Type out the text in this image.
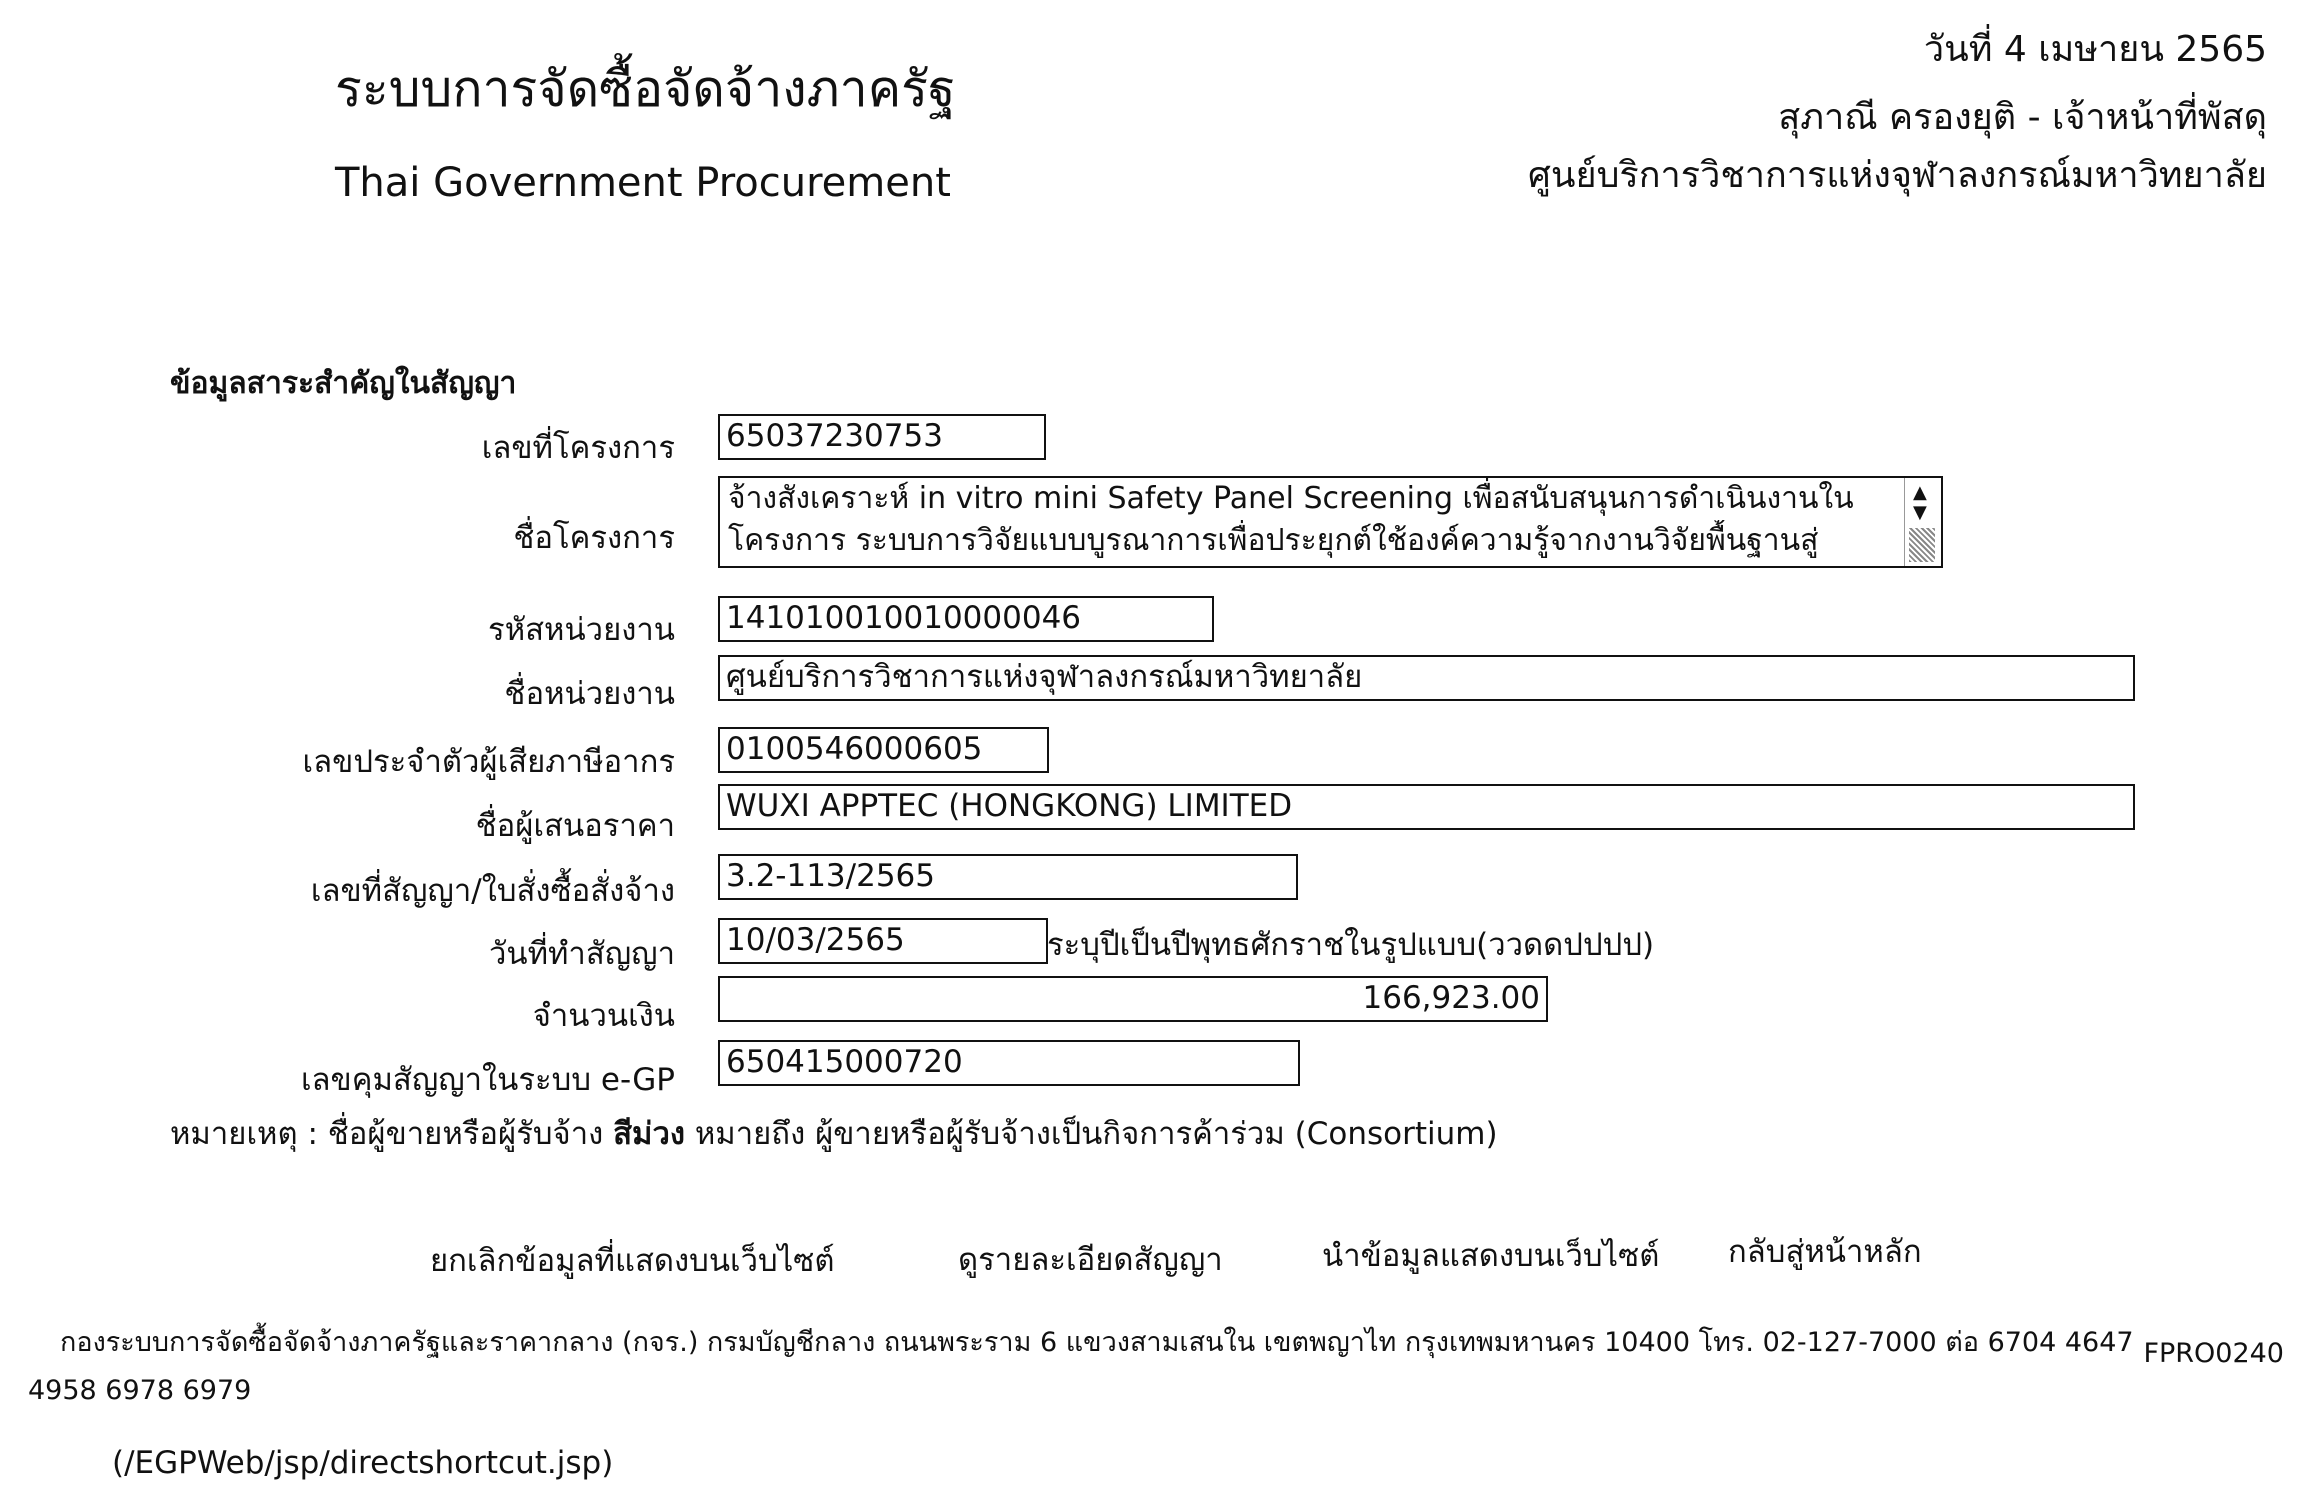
ระบบการจัดซื้อจัดจ้างภาครัฐ
Thai Government Procurement
วันที่ 4 เมษายน 2565
สุภาณี ครองยุติ - เจ้าหน้าที่พัสดุ
ศูนย์บริการวิชาการแห่งจุฬาลงกรณ์มหาวิทยาลัย
ข้อมูลสาระสำคัญในสัญญา
เลขที่โครงการ 65037230753
ชื่อโครงการ
จ้างสังเคราะห์ in vitro mini Safety Panel Screening เพื่อสนับสนุนการดำเนินงานใน
โครงการ ระบบการวิจัยแบบบูรณาการเพื่อประยุกต์ใช้องค์ความรู้จากงานวิจัยพื้นฐานสู่
▲
▼
รหัสหน่วยงาน 141010010010000046
ชื่อหน่วยงาน ศูนย์บริการวิชาการแห่งจุฬาลงกรณ์มหาวิทยาลัย
เลขประจำตัวผู้เสียภาษีอากร 0100546000605
ชื่อผู้เสนอราคา
WUXI APPTEC (HONGKONG) LIMITED
เลขที่สัญญา/ใบสั่งซื้อสั่งจ้าง 3.2-113/2565
วันที่ทำสัญญา 10/03/2565	ระบุปีเป็นปีพุทธศักราชในรูปแบบ(ววดดปปปป)
จำนวนเงิน	166,923.00
เลขคุมสัญญาในระบบ e-GP 650415000720
หมายเหตุ : ชื่อผู้ขายหรือผู้รับจ้าง สีม่วง หมายถึง ผู้ขายหรือผู้รับจ้างเป็นกิจการค้าร่วม (Consortium)
ยกเลิกข้อมูลที่แสดงบนเว็บไซต์	ดูรายละเอียดสัญญา	นำข้อมูลแสดงบนเว็บไซต์ กลับสู่หน้าหลัก
กองระบบการจัดซื้อจัดจ้างภาครัฐและราคากลาง (กจร.) กรมบัญชีกลาง ถนนพระราม 6 แขวงสามเสนใน เขตพญาไท กรุงเทพมหานคร 10400 โทร. 02-127-7000 ต่อ 6704 4647
4958 6978 6979
FPRO0240
(/EGPWeb/jsp/directshortcut.jsp)
